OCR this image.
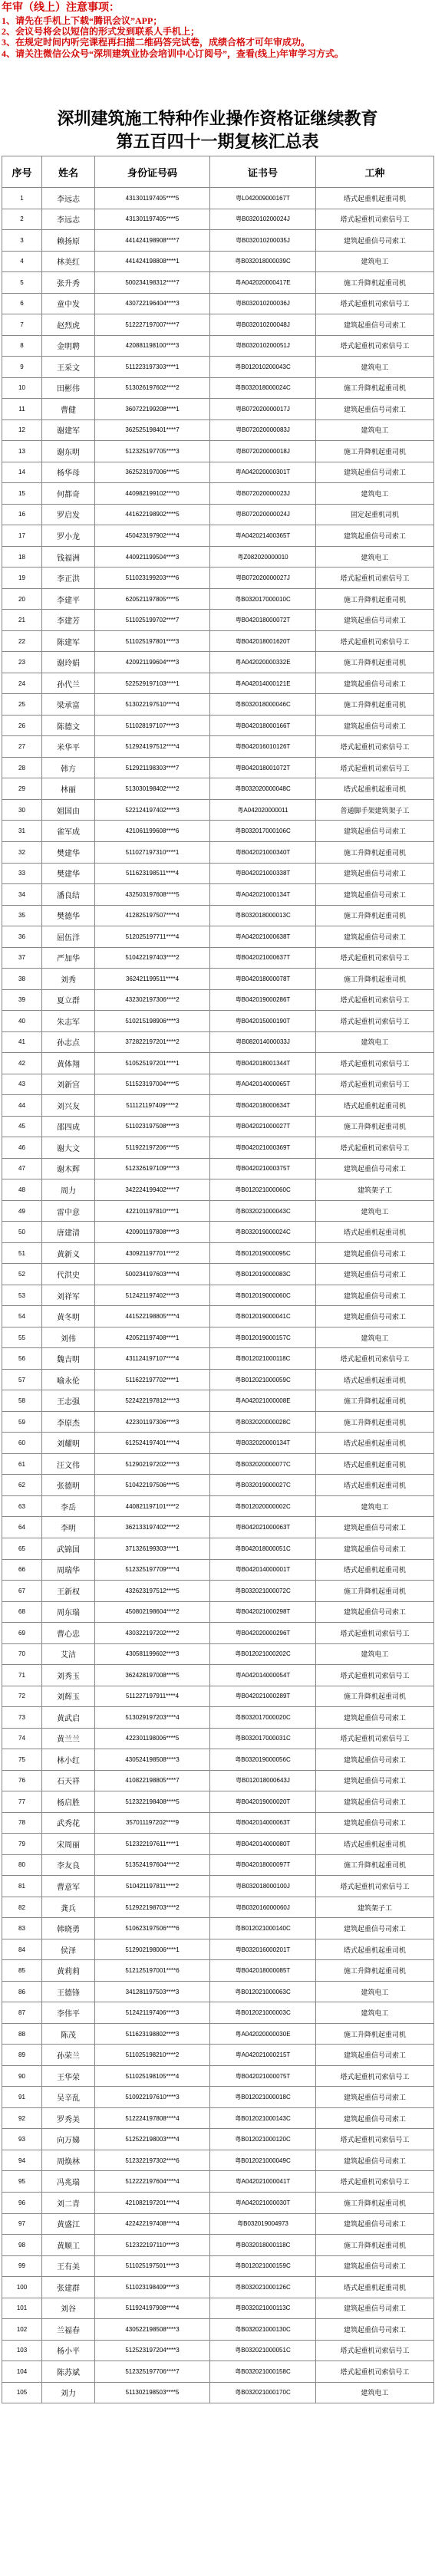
年审（线上）注意事项：
1、请先在手机上下载“腾讯会议”APP；
2、会议号将会以短信的形式发到联系人手机上；
3、在规定时间内听完课程再扫描二维码答完试卷，成绩合格才可年审成功。
4、请关注微信公众号“深圳建筑业协会培训中心订阅号”，查看(线上)年审学习方式。
深圳建筑施工特种作业操作资格证继续教育
第五百四十一期复核汇总表
序号	姓名	身份证号码	证书号	工种
1	李远志	431301197405****5	粤L042009000167T	塔式起重机起重司机
2	李远志	431301197405****5	粤B032010200024J	塔式起重机司索信号工
3	赖扬原	441424198908****7	粤B032010200035J	建筑起重信号司索工
4	林美红	441424198808****1	粤B032018000039C	建筑电工
5	张升秀	500234198312****7	粤A042020000417E	施工升降机起重司机
6	童中发	430722196404****3	粤B032010200036J	塔式起重机司索信号工
7	赵烈虎	512227197007****7	粤B032010200048J	建筑起重信号司索工
8	金明聘	420881198100****3	粤B032010200051J	塔式起重机司索信号工
9	王采文	511223197303****1	粤B012010200043C	建筑电工
10	田彬伟	513026197602****2	粤B032018000024C	施工升降机起重司机
11	曹健	360722199208****1	粤B072020000017J	建筑起重信号司索工
12	谢建军	362525198401****7	粤B072020000083J	建筑电工
13	谢东明	512325197705****3	粤B072020000018J	施工升降机起重司机
14	杨华母	362523197006****5	粤A042020000301T	建筑起重信号司索工
15	何都奇	440982199102****0	粤B072020000023J	建筑电工
16	罗启发	441622198902****5	粤B072020000024J	固定起重机司机
17	罗小龙	450423197902****4	粤A042021400365T	建筑起重信号司索工
18	钱福洲	440921199504****3	粤Z082020000010	建筑电工
19	李正洪	511023199203****6	粤B072020000027J	塔式起重机司索信号工
20	李建平	620521197805****5	粤B032017000010C	施工升降机起重司机
21	李建芳	511025199702****7	粤B042018000072T	建筑起重信号司索工
22	陈建军	511025197801****3	粤B042018001620T	塔式起重机司索信号工
23	谢玲娟	420921199604****3	粤A042020000332E	施工升降机起重司机
24	孙代兰	522529197103****1	粤A042014000121E	建筑起重信号司索工
25	梁承富	513022197510****4	粤B032018000046C	施工升降机起重司机
26	陈德文	511028197107****3	粤B042018000166T	建筑起重信号司索工
27	米华平	512924197512****4	粤B042016010126T	塔式起重机司索信号工
28	韩方	512921198303****7	粤B042018001072T	塔式起重机司索信号工
29	林丽	513030198402****2	粤B032020000048C	塔式起重机起重司机
30	姐国由	522124197402****3	粤A042020000011	普通脚手架建筑架子工
31	雀军成	421061199608****6	粤B032017000106C	建筑起重信号司索工
32	樊建华	511027197310****1	粤B042021000340T	施工升降机起重司机
33	樊建华	511623198511****4	粤B042021000338T	建筑起重信号司索工
34	潘良结	432503197608****5	粤A042021000134T	建筑起重信号司索工
35	樊德华	412825197507****4	粤B032018000013C	施工升降机起重司机
36	屈伍洋	512025197711****4	粤A042021000638T	建筑起重信号司索工
37	严加华	510422197403****2	粤B042021000637T	塔式起重机司索信号工
38	刘秀	362421199511****4	粤B042018000078T	施工升降机起重司机
39	夏立群	432302197306****2	粤B042019000286T	塔式起重机司索信号工
40	朱志军	510215198906****3	粤B042015000190T	塔式起重机司索信号工
41	孙志点	372822197201****2	粤B082014000033J	建筑电工
42	黄体翔	510525197201****1	粤B042018001344T	塔式起重机司索信号工
43	刘新宫	511523197004****5	粤A042014000065T	塔式起重机司索信号工
44	刘兴友	511121197409****2	粤B042018000634T	塔式起重机起重司机
45	邵四成	511023197508****3	粤B042021000027T	施工升降机起重司机
46	谢大文	511922197206****5	粤B042021000369T	塔式起重机司索信号工
47	谢木辉	512326197109****3	粤B042021000375T	建筑起重信号司索工
48	周力	342224199402****7	粤B012021000060C	建筑架子工
49	雷中意	422101197810****1	粤B032021000043C	建筑电工
50	唐建清	420901197808****3	粤B032019000024C	塔式起重机起重司机
51	黄新义	430921197701****2	粤B012019000095C	建筑起重信号司索工
52	代洪史	500234197603****4	粤B012019000083C	建筑起重信号司索工
53	刘祥军	512421197402****3	粤B012019000060C	建筑起重信号司索工
54	黄冬明	441522198805****4	粤B012019000041C	建筑起重信号司索工
55	刘伟	420521197408****1	粤B012019000157C	建筑电工
56	魏吉明	431124197107****4	粤B012021000118C	塔式起重机司索信号工
57	喻永伦	511622197702****1	粤B012021000059C	塔式起重机起重司机
58	王志强	522422197812****3	粤A042021000008E	施工升降机起重司机
59	李原杰	422301197306****3	粤B032020000028C	施工升降机起重司机
60	刘耀明	612524197401****4	粤B032020000134T	塔式起重机起重司机
61	汪文伟	512902197202****3	粤B032020000077C	塔式起重机起重司机
62	张德明	510422197506****5	粤B032019000027C	塔式起重机起重司机
63	李岳	440821197101****2	粤B012020000002C	建筑电工
64	李明	362133197402****2	粤B042021000063T	建筑起重信号司索工
65	武锦国	371326199303****1	粤B042018000051C	建筑起重信号司索工
66	周瑞华	512325197709****4	粤B042014000001T	塔式起重机起重司机
67	王新权	432623197512****5	粤B032021000072C	施工升降机起重司机
68	周东瑞	450802198604****2	粤B042021000298T	建筑起重信号司索工
69	曹心忠	430322197202****2	粤B042020000296T	塔式起重机司索信号工
70	艾洁	430581199602****3	粤B012021000202C	建筑电工
71	刘秀玉	362428197008****5	粤A042014000054T	塔式起重机司索信号工
72	刘辉玉	511227197911****4	粤B042021000289T	施工升降机起重司机
73	黄武启	513029197203****4	粤B032017000020C	建筑起重信号司索工
74	黄兰兰	422301198006****5	粤B032017000031C	塔式起重机司索信号工
75	林小红	430524198508****3	粤B032019000056C	建筑起重信号司索工
76	石天祥	410822198805****7	粤B012018000643J	建筑起重信号司索工
77	杨启胜	512322198408****5	粤B042019000020T	建筑起重信号司索工
78	武秀花	357011197202****9	粤B042014000063T	建筑起重信号司索工
79	宋周丽	512322197611****1	粤B042014000080T	塔式起重机起重司机
80	李友良	513524197604****2	粤B042018000097T	施工升降机起重司机
81	曹意军	510421197811****2	粤B032018000100J	塔式起重机司索信号工
82	龚兵	512922198703****2	粤B032016000060J	建筑架子工
83	韩晓勇	510623197506****6	粤B012021000140C	建筑起重信号司索工
84	侯泽	512902198006****1	粤B032016000201T	塔式起重机起重司机
85	黄莉莉	512125197001****6	粤B042018000085T	施工升降机起重司机
86	王德锋	341281197503****3	粤B012021000063C	建筑电工
87	李伟平	512421197406****3	粤B012021000003C	建筑电工
88	陈茂	511623198802****3	粤A042020000030E	施工升降机起重司机
89	孙荣兰	511025198210****2	粤A042021000215T	建筑起重信号司索工
90	王华荣	511025198105****4	粤B042021000075T	塔式起重机司索信号工
91	吴辛乱	510922197610****3	粤B012021000018C	建筑起重信号司索工
92	罗秀美	512224197808****4	粤B012021000143C	建筑起重信号司索工
93	向万娣	512522198003****4	粤B012021000120C	塔式起重机司索信号工
94	周焕林	512322197302****6	粤B012021000049C	建筑起重信号司索工
95	冯兆瑞	512222197604****4	粤A042021000041T	塔式起重机司索信号工
96	刘二青	421082197201****4	粤A042021000030T	施工升降机起重司机
97	黄盛江	422422197408****4	粤B032019004973	建筑起重信号司索工
98	黄顺工	512322197110****3	粤B032018000118C	施工升降机起重司机
99	王有美	511025197501****3	粤B012021000159C	建筑起重信号司索工
100	张建群	511023198409****3	粤B032021000126C	塔式起重机起重司机
101	刘谷	511924197908****4	粤B032021000113C	建筑起重信号司索工
102	兰福春	430522198508****3	粤B032021000130C	建筑起重信号司索工
103	杨小平	512523197204****3	粤B032021000051C	塔式起重机司索信号工
104	陈苏斌	512325197706****7	粤B032021000158C	塔式起重机司索信号工
105	刘力	511302198503****5	粤B032021000170C	建筑电工
